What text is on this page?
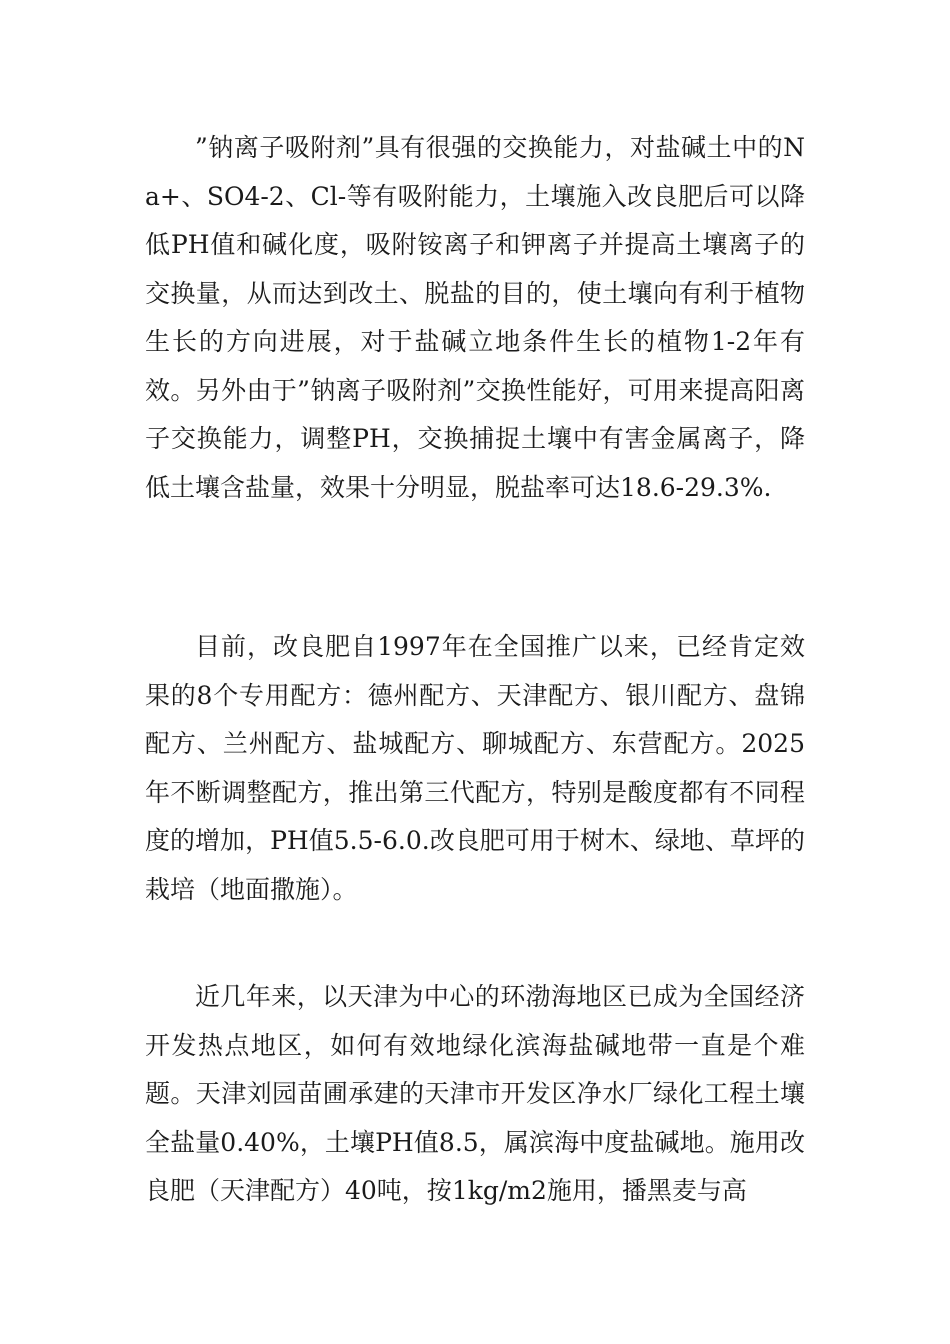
”钠离子吸附剂”具有很强的交换能力，对盐碱土中的Na+、SO4-2、Cl-等有吸附能力，土壤施入改良肥后可以降低PH值和碱化度，吸附铵离子和钾离子并提高土壤离子的交换量，从而达到改土、脱盐的目的，使土壤向有利于植物生长的方向进展，对于盐碱立地条件生长的植物1-2年有效。另外由于”钠离子吸附剂”交换性能好，可用来提高阳离子交换能力，调整PH，交换捕捉土壤中有害金属离子，降低土壤含盐量，效果十分明显，脱盐率可达18.6-29.3%.

目前，改良肥自1997年在全国推广以来，已经肯定效果的8个专用配方：德州配方、天津配方、银川配方、盘锦配方、兰州配方、盐城配方、聊城配方、东营配方。2025年不断调整配方，推出第三代配方，特别是酸度都有不同程度的增加，PH值5.5-6.0.改良肥可用于树木、绿地、草坪的栽培（地面撒施）。

近几年来，以天津为中心的环渤海地区已成为全国经济开发热点地区，如何有效地绿化滨海盐碱地带一直是个难题。天津刘园苗圃承建的天津市开发区净水厂绿化工程土壤全盐量0.40%，土壤PH值8.5，属滨海中度盐碱地。施用改良肥（天津配方）40吨，按1kg/m2施用，播黑麦与高
